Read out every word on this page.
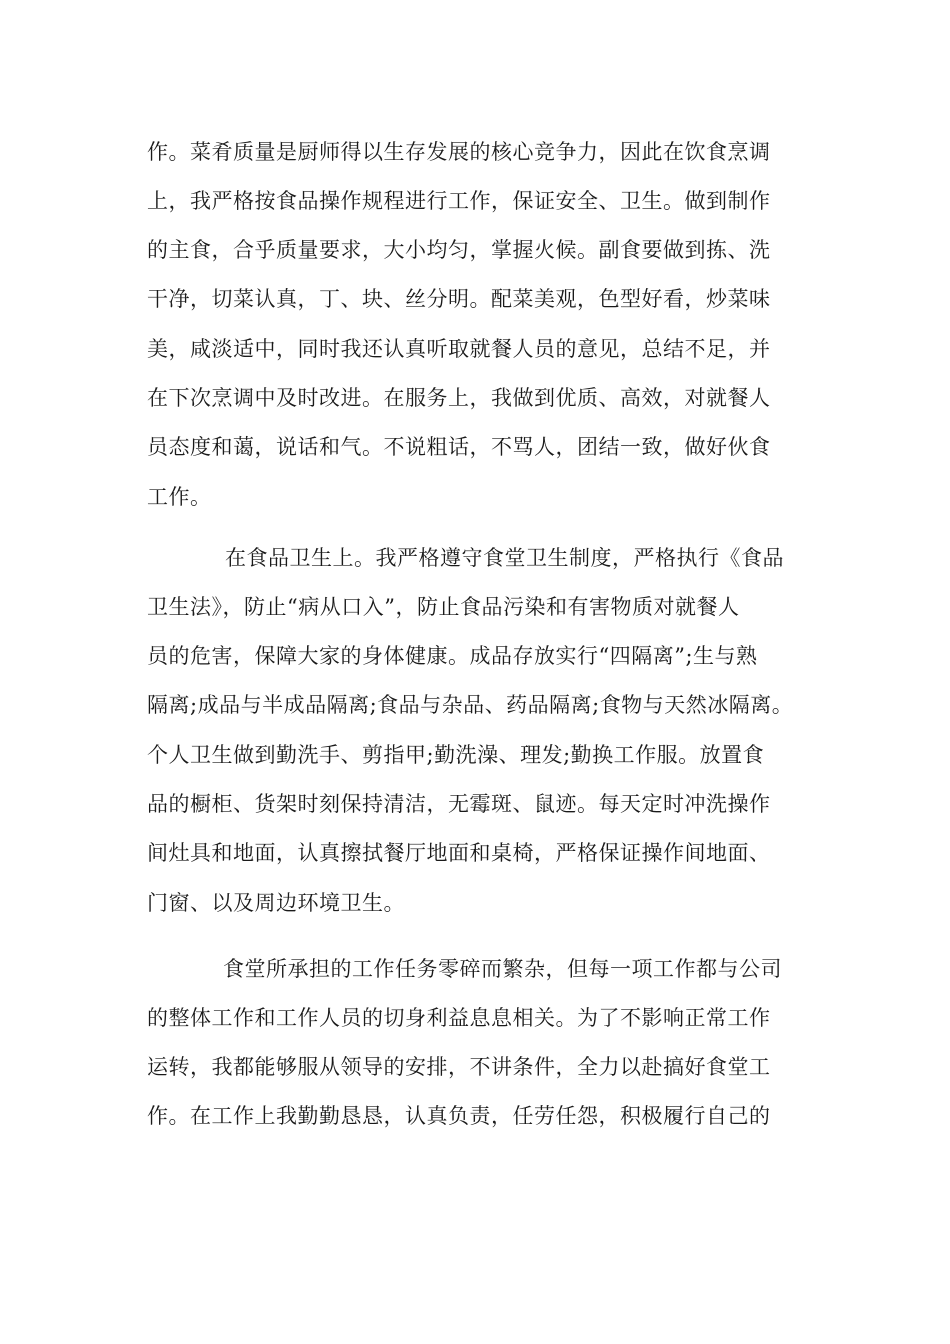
作。菜肴质量是厨师得以生存发展的核心竞争力，因此在饮食烹调
上，我严格按食品操作规程进行工作，保证安全、卫生。做到制作
的主食，合乎质量要求，大小均匀，掌握火候。副食要做到拣、洗
干净，切菜认真，丁、块、丝分明。配菜美观，色型好看，炒菜味
美，咸淡适中，同时我还认真听取就餐人员的意见，总结不足，并
在下次烹调中及时改进。在服务上，我做到优质、高效，对就餐人
员态度和蔼，说话和气。不说粗话，不骂人，团结一致，做好伙食
工作。
在食品卫生上。我严格遵守食堂卫生制度，严格执行《食品
卫生法》，防止“病从口入”，防止食品污染和有害物质对就餐人
员的危害，保障大家的身体健康。成品存放实行“四隔离”;生与熟
隔离;成品与半成品隔离;食品与杂品、药品隔离;食物与天然冰隔离。
个人卫生做到勤洗手、剪指甲;勤洗澡、理发;勤换工作服。放置食
品的橱柜、货架时刻保持清洁，无霉斑、鼠迹。每天定时冲洗操作
间灶具和地面，认真擦拭餐厅地面和桌椅，严格保证操作间地面、
门窗、以及周边环境卫生。
食堂所承担的工作任务零碎而繁杂，但每一项工作都与公司
的整体工作和工作人员的切身利益息息相关。为了不影响正常工作
运转，我都能够服从领导的安排，不讲条件，全力以赴搞好食堂工
作。在工作上我勤勤恳恳，认真负责，任劳任怨，积极履行自己的
